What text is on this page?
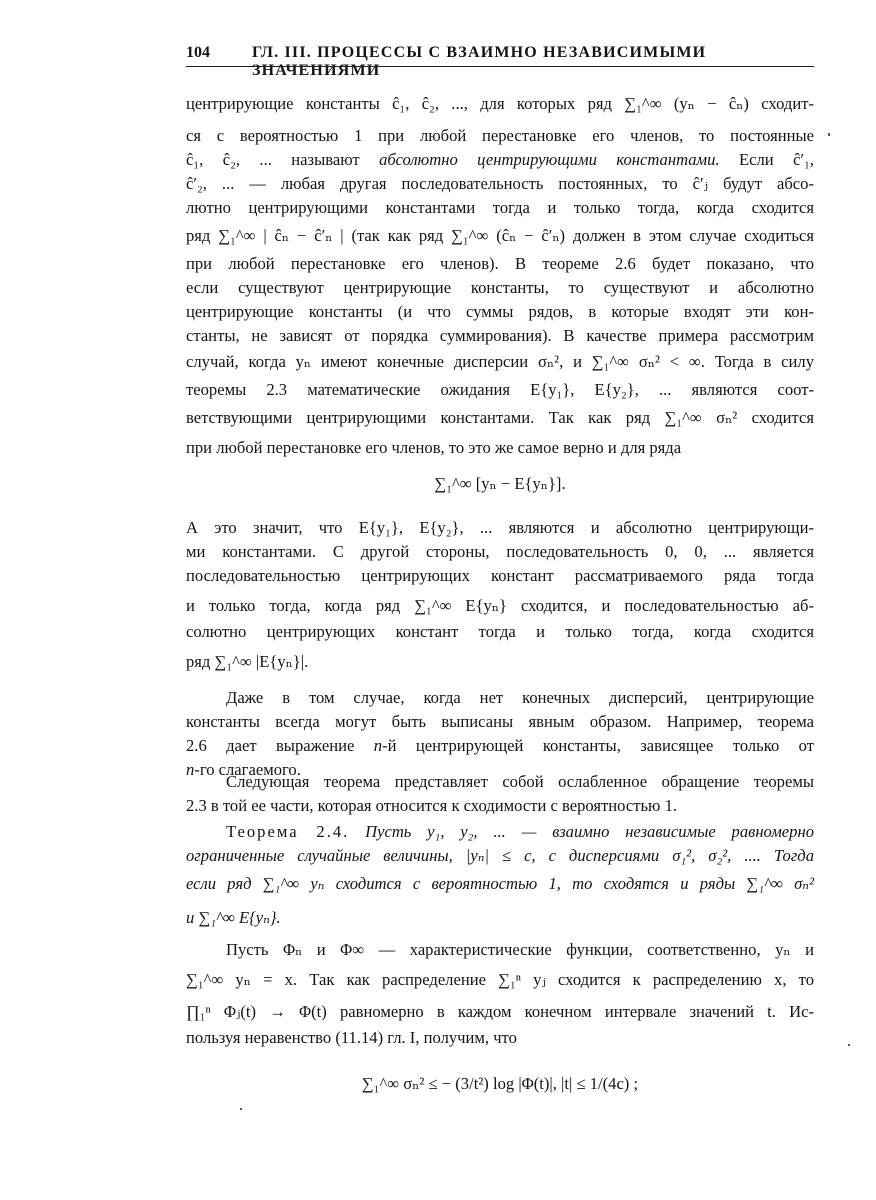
104	ГЛ. III. ПРОЦЕССЫ С ВЗАИМНО НЕЗАВИСИМЫМИ ЗНАЧЕНИЯМИ
центрирующие константы ĉ₁, ĉ₂, ..., для которых ряд ∑₁^∞ (yₙ − ĉₙ) сходит-
ся с вероятностью 1 при любой перестановке его членов, то постоянные
ĉ₁, ĉ₂, ... называют абсолютно центрирующими константами. Если ĉ′₁,
ĉ′₂, ... — любая другая последовательность постоянных, то ĉ′ⱼ будут абсо-
лютно центрирующими константами тогда и только тогда, когда сходится
ряд ∑₁^∞ | ĉₙ − ĉ′ₙ | (так как ряд ∑₁^∞ (ĉₙ − ĉ′ₙ) должен в этом случае сходиться
при любой перестановке его членов). В теореме 2.6 будет показано, что
если существуют центрирующие константы, то существуют и абсолютно
центрирующие константы (и что суммы рядов, в которые входят эти кон-
станты, не зависят от порядка суммирования). В качестве примера рассмотрим
случай, когда yₙ имеют конечные дисперсии σₙ², и ∑₁^∞ σₙ² < ∞. Тогда в силу
теоремы 2.3 математические ожидания E{y₁}, E{y₂}, ... являются соот-
ветствующими центрирующими константами. Так как ряд ∑₁^∞ σₙ² сходится
при любой перестановке его членов, то это же самое верно и для ряда
∑₁^∞ [yₙ − E{yₙ}].
А это значит, что E{y₁}, E{y₂}, ... являются и абсолютно центрирующи-
ми константами. С другой стороны, последовательность 0, 0, ... является
последовательностью центрирующих констант рассматриваемого ряда тогда
и только тогда, когда ряд ∑₁^∞ E{yₙ} сходится, и последовательностью аб-
солютно центрирующих констант тогда и только тогда, когда сходится
ряд ∑₁^∞ |E{yₙ}|.
Даже в том случае, когда нет конечных дисперсий, центрирующие
константы всегда могут быть выписаны явным образом. Например, теорема
2.6 дает выражение n-й центрирующей константы, зависящее только от
n-го слагаемого.
Следующая теорема представляет собой ослабленное обращение теоремы
2.3 в той ее части, которая относится к сходимости с вероятностью 1.
Теорема 2.4. Пусть y₁, y₂, ... — взаимно независимые равномерно
ограниченные случайные величины, |yₙ| ≤ c, с дисперсиями σ₁², σ₂², .... Тогда
если ряд ∑₁^∞ yₙ сходится с вероятностью 1, то сходятся и ряды ∑₁^∞ σₙ²
и ∑₁^∞ E{yₙ}.
Пусть Φₙ и Φ∞ — характеристические функции, соответственно, yₙ и
∑₁^∞ yₙ = x. Так как распределение ∑₁ⁿ yⱼ сходится к распределению x, то
∏₁ⁿ Φⱼ(t) → Φ(t) равномерно в каждом конечном интервале значений t. Ис-
пользуя неравенство (11.14) гл. I, получим, что
∑₁^∞ σₙ² ≤ − (3/t²) log |Φ(t)|, |t| ≤ 1/(4c) ;
